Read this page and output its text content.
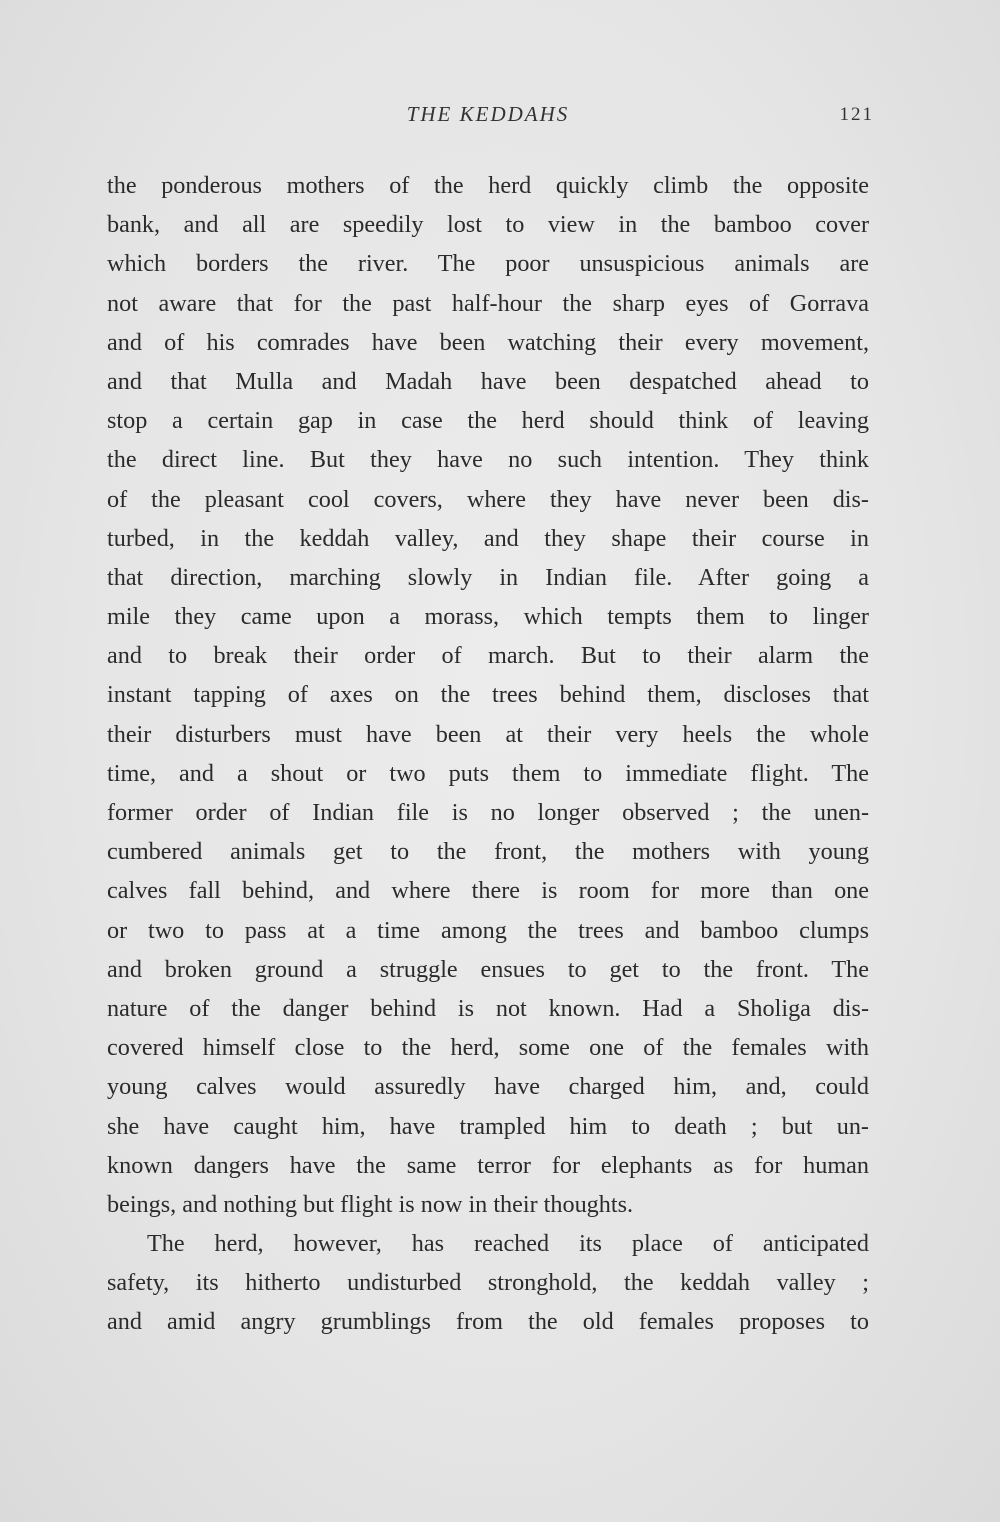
THE KEDDAHS	121
the ponderous mothers of the herd quickly climb the opposite
bank, and all are speedily lost to view in the bamboo cover
which borders the river. The poor unsuspicious animals are
not aware that for the past half-hour the sharp eyes of Gorrava
and of his comrades have been watching their every movement,
and that Mulla and Madah have been despatched ahead to
stop a certain gap in case the herd should think of leaving
the direct line. But they have no such intention. They think
of the pleasant cool covers, where they have never been dis-
turbed, in the keddah valley, and they shape their course in
that direction, marching slowly in Indian file. After going a
mile they came upon a morass, which tempts them to linger
and to break their order of march. But to their alarm the
instant tapping of axes on the trees behind them, discloses that
their disturbers must have been at their very heels the whole
time, and a shout or two puts them to immediate flight. The
former order of Indian file is no longer observed ; the unen-
cumbered animals get to the front, the mothers with young
calves fall behind, and where there is room for more than one
or two to pass at a time among the trees and bamboo clumps
and broken ground a struggle ensues to get to the front. The
nature of the danger behind is not known. Had a Sholiga dis-
covered himself close to the herd, some one of the females with
young calves would assuredly have charged him, and, could
she have caught him, have trampled him to death ; but un-
known dangers have the same terror for elephants as for human
beings, and nothing but flight is now in their thoughts.
The herd, however, has reached its place of anticipated
safety, its hitherto undisturbed stronghold, the keddah valley ;
and amid angry grumblings from the old females proposes to
